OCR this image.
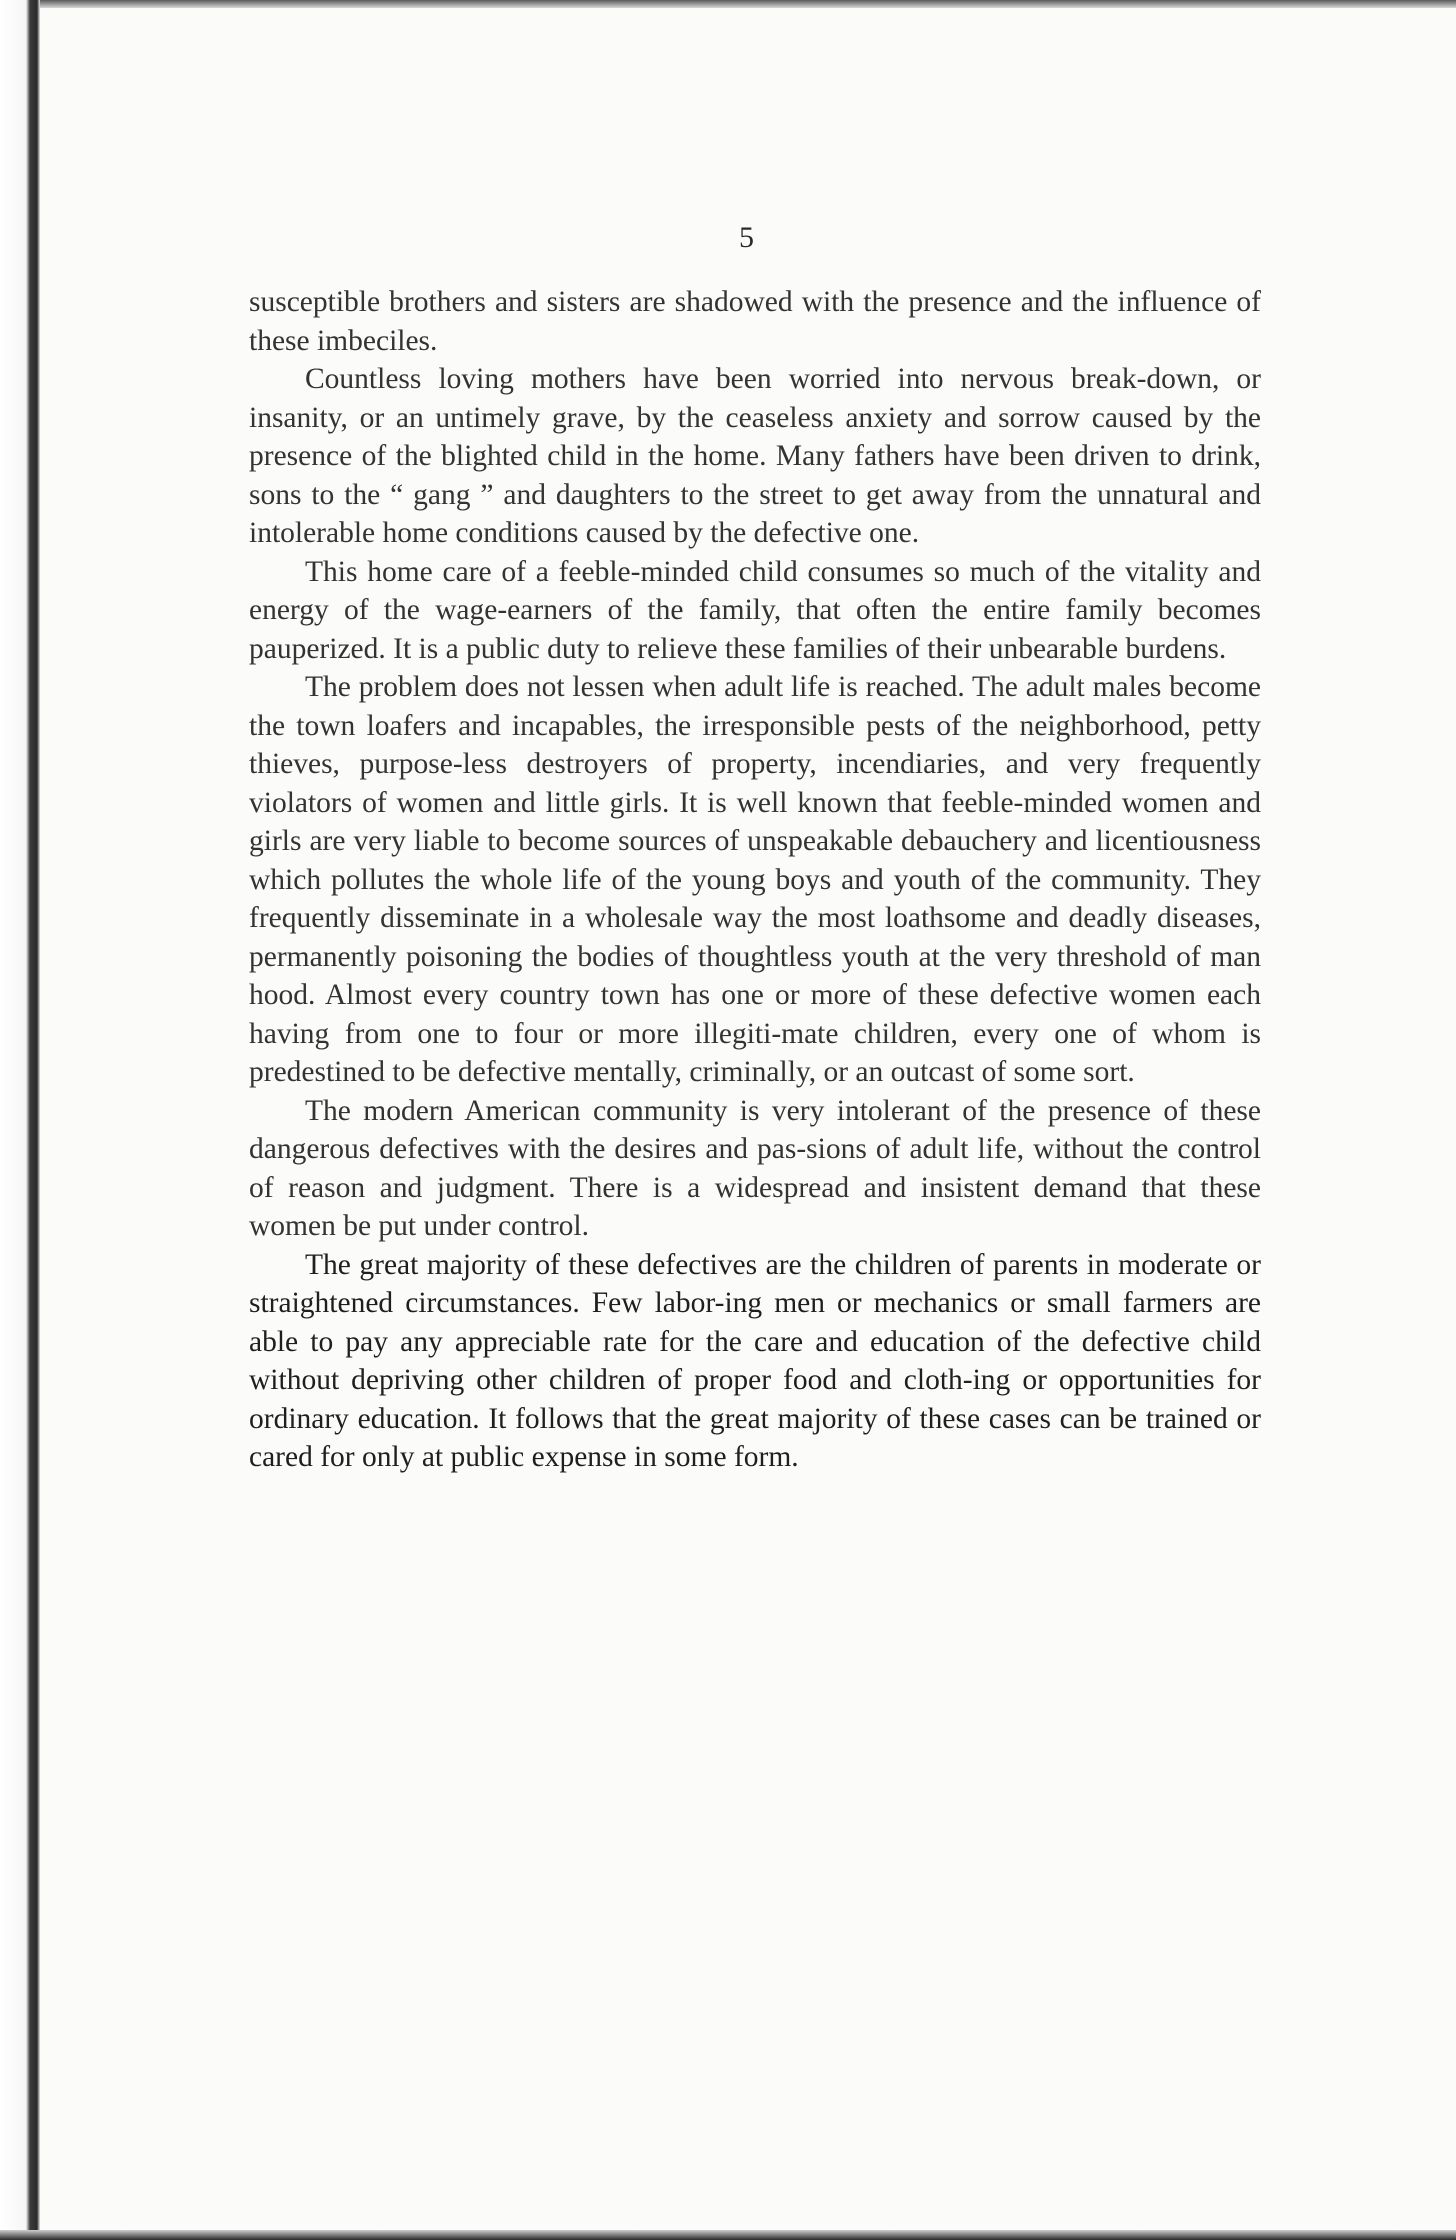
5

susceptible brothers and sisters are shadowed with the presence and the influence of these imbeciles.

Countless loving mothers have been worried into nervous break-down, or insanity, or an untimely grave, by the ceaseless anxiety and sorrow caused by the presence of the blighted child in the home. Many fathers have been driven to drink, sons to the “ gang ” and daughters to the street to get away from the unnatural and intolerable home conditions caused by the defective one.

This home care of a feeble-minded child consumes so much of the vitality and energy of the wage-earners of the family, that often the entire family becomes pauperized. It is a public duty to relieve these families of their unbearable burdens.

The problem does not lessen when adult life is reached. The adult males become the town loafers and incapables, the irresponsible pests of the neighborhood, petty thieves, purpose-less destroyers of property, incendiaries, and very frequently violators of women and little girls. It is well known that feeble-minded women and girls are very liable to become sources of unspeakable debauchery and licentiousness which pollutes the whole life of the young boys and youth of the community. They frequently disseminate in a wholesale way the most loathsome and deadly diseases, permanently poisoning the bodies of thoughtless youth at the very threshold of man hood. Almost every country town has one or more of these defective women each having from one to four or more illegiti-mate children, every one of whom is predestined to be defective mentally, criminally, or an outcast of some sort.

The modern American community is very intolerant of the presence of these dangerous defectives with the desires and pas-sions of adult life, without the control of reason and judgment. There is a widespread and insistent demand that these women be put under control.

The great majority of these defectives are the children of parents in moderate or straightened circumstances. Few labor-ing men or mechanics or small farmers are able to pay any appreciable rate for the care and education of the defective child without depriving other children of proper food and cloth-ing or opportunities for ordinary education. It follows that the great majority of these cases can be trained or cared for only at public expense in some form.
